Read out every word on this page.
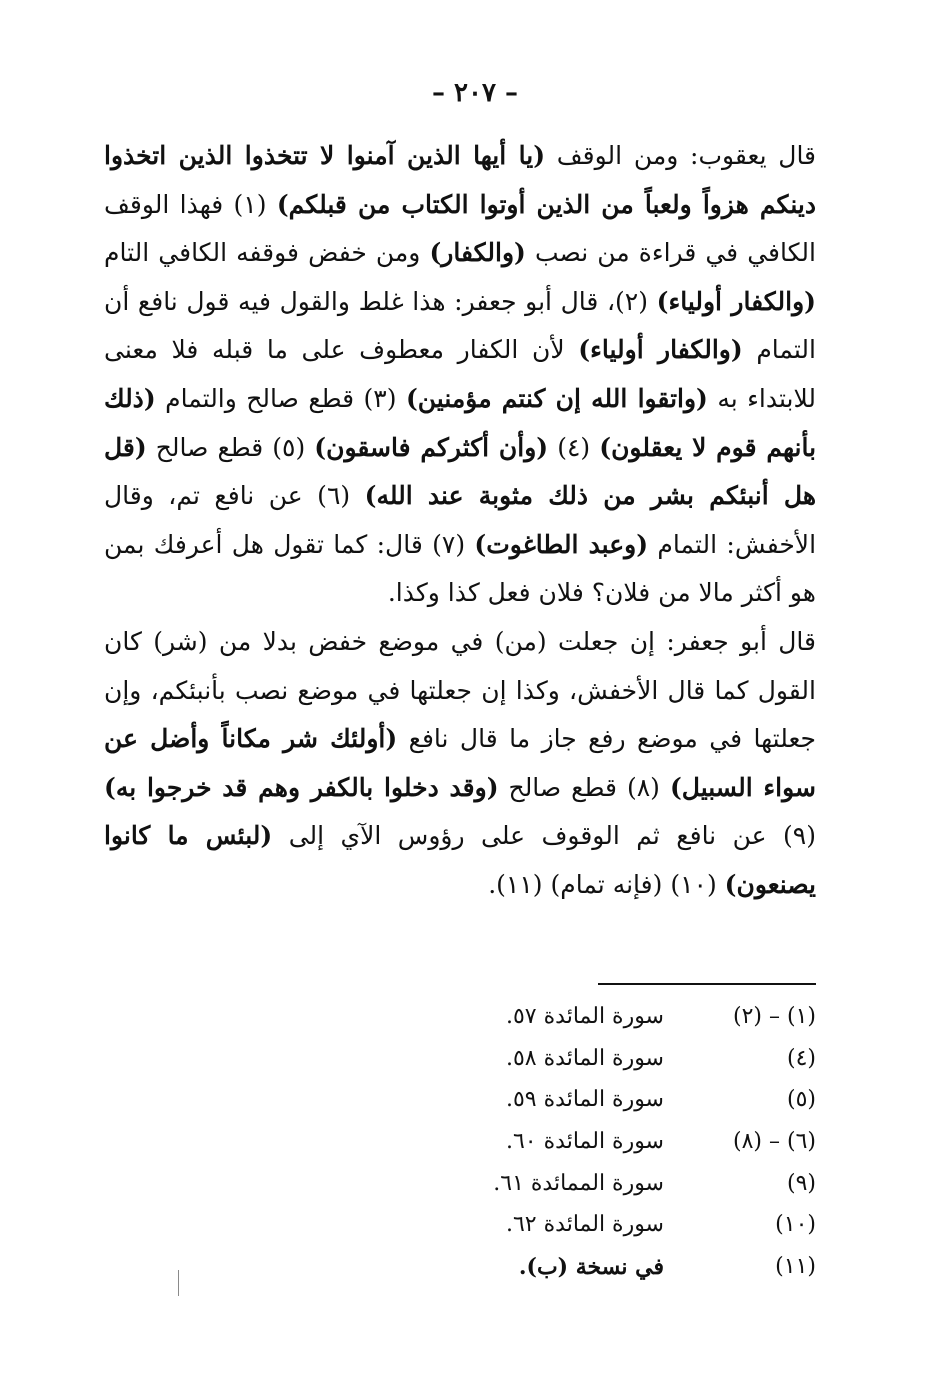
– ٢٠٧ –

قال يعقوب: ومن الوقف (يا أيها الذين آمنوا لا تتخذوا الذين اتخذوا دينكم هزواً ولعباً من الذين أوتوا الكتاب من قبلكم) (١) فهذا الوقف الكافي في قراءة من نصب (والكفار) ومن خفض فوقفه الكافي التام (والكفار أولياء) (٢)، قال أبو جعفر: هذا غلط والقول فيه قول نافع أن التمام (والكفار أولياء) لأن الكفار معطوف على ما قبله فلا معنى للابتداء به (واتقوا الله إن كنتم مؤمنين) (٣) قطع صالح والتمام (ذلك بأنهم قوم لا يعقلون) (٤) (وأن أكثركم فاسقون) (٥) قطع صالح (قل هل أنبئكم بشر من ذلك مثوبة عند الله) (٦) عن نافع تم، وقال الأخفش: التمام (وعبد الطاغوت) (٧) قال: كما تقول هل أعرفك بمن هو أكثر مالا من فلان؟ فلان فعل كذا وكذا.

قال أبو جعفر: إن جعلت (من) في موضع خفض بدلا من (شر) كان القول كما قال الأخفش، وكذا إن جعلتها في موضع نصب بأنبئكم، وإن جعلتها في موضع رفع جاز ما قال نافع (أولئك شر مكاناً وأضل عن سواء السبيل) (٨) قطع صالح (وقد دخلوا بالكفر وهم قد خرجوا به) (٩) عن نافع ثم الوقوف على رؤوس الآي إلى (لبئس ما كانوا يصنعون) (١٠) (فإنه تمام) (١١).

(١) – (٢)
سورة المائدة ٥٧.
(٤)
سورة المائدة ٥٨.
(٥)
سورة المائدة ٥٩.
(٦) – (٨)
سورة المائدة ٦٠.
(٩)
سورة الممائدة ٦١.
(١٠)
سورة المائدة ٦٢.
(١١)
في نسخة (ب).
